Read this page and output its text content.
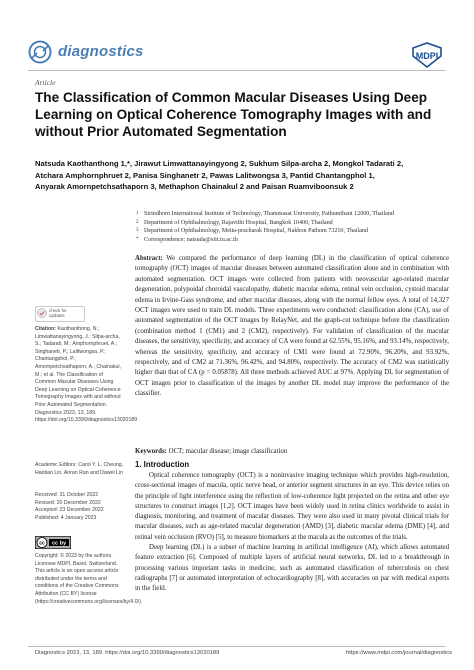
diagnostics	MDPI
Article
The Classification of Common Macular Diseases Using Deep Learning on Optical Coherence Tomography Images with and without Prior Automated Segmentation
Natsuda Kaothanthong 1,*, Jirawut Limwattanayingyong 2, Sukhum Silpa-archa 2, Mongkol Tadarati 2,
Atchara Amphornphruet 2, Panisa Singhanetr 2, Pawas Lalitwongsa 3, Pantid Chantangphol 1,
Anyarak Amornpetchsathaporn 3, Methaphon Chainakul 2 and Paisan Ruamviboonsuk 2
1 Sirindhorn International Institute of Technology, Thammasat University, Pathumthani 12000, Thailand
2 Department of Ophthalmology, Rajavithi Hospital, Bangkok 10400, Thailand
3 Department of Ophthalmology, Metta-pracharak Hospital, Nakhon Pathom 73210, Thailand
* Correspondence: natsuda@siit.tu.ac.th
Abstract: We compared the performance of deep learning (DL) in the classification of optical coherence tomography (OCT) images of macular diseases between automated classification alone and in combination with automated segmentation. OCT images were collected from patients with neovascular age-related macular degeneration, polypoidal choroidal vasculopathy, diabetic macular edema, retinal vein occlusion, cystoid macular edema in Irvine-Gass syndrome, and other macular diseases, along with the normal fellow eyes. A total of 14,327 OCT images were used to train DL models. Three experiments were conducted: classification alone (CA), use of automated segmentation of the OCT images by RelayNet, and the graph-cut technique before the classification (combination method 1 (CM1) and 2 (CM2), respectively). For validation of classification of the macular diseases, the sensitivity, specificity, and accuracy of CA were found at 62.55%, 95.16%, and 93.14%, respectively, whereas the sensitivity, specificity, and accuracy of CM1 were found at 72.90%, 96.20%, and 93.92%, respectively, and of CM2 at 71.36%, 96.42%, and 94.80%, respectively. The accuracy of CM2 was statistically higher than that of CA (p = 0.05878). All three methods achieved AUC at 97%. Applying DL for segmentation of OCT images prior to classification of the images by another DL model may improve the performance of the classifier.
Keywords: OCT; macular disease; image classification
1. Introduction

Optical coherence tomography (OCT) is a noninvasive imaging technique which provides high-resolution, cross-sectional images of macula, optic nerve head, or anterior segment structures in an eye. This device relies on the principle of light interference using the reflection of low-coherence light projected on the retina and other eye structures to construct images [1,2]. OCT images have been widely used in retina clinics worldwide to assist in diagnosis, monitoring, and treatment of macular diseases. They were also used in many pivotal clinical trials for macular diseases, such as age-related macular degeneration (AMD) [3], diabetic macular edema (DME) [4], and retinal vein occlusion (RVO) [5], to measure biomarkers at the macula as the outcomes of the trials.

Deep learning (DL) is a subset of machine learning in artificial intelligence (AI), which allows automated feature extraction [6]. Composed of multiple layers of artificial neural networks, DL led to a breakthrough in processing various important tasks in medicine, such as automated classification of tuberculosis on chest radiographs [7] or automated interpretation of echocardiography [8], with accuracies on par with medical experts in the field.

check for updates
Citation: Kaothanthong, N.; Limwattanayingyong, J.; Silpa-archa, S.; Tadarati, M.; Amphornphruet, A.; Singhanetr, P.; Lalitwongsa, P.; Chantangphol, P.; Amornpetchsathaporn, A.; Chainakul, M.; et al. The Classification of Common Macular Diseases Using Deep Learning on Optical Coherence Tomography Images with and without Prior Automated Segmentation. Diagnostics 2023, 13, 189. https://doi.org/10.3390/diagnostics13020189
Academic Editors: Carol Y. L. Cheung, Haotian Lin, Anran Ran and Dawei Lin
Received: 31 October 2022
Revised: 20 December 2022
Accepted: 23 December 2022
Published: 4 January 2023
cc cc by
Copyright: © 2023 by the authors. Licensee MDPI, Basel, Switzerland. This article is an open access article distributed under the terms and conditions of the Creative Commons Attribution (CC BY) license (https://creativecommons.org/licenses/by/4.0/).
Diagnostics 2023, 13, 189. https://doi.org/10.3390/diagnostics13020189	https://www.mdpi.com/journal/diagnostics
